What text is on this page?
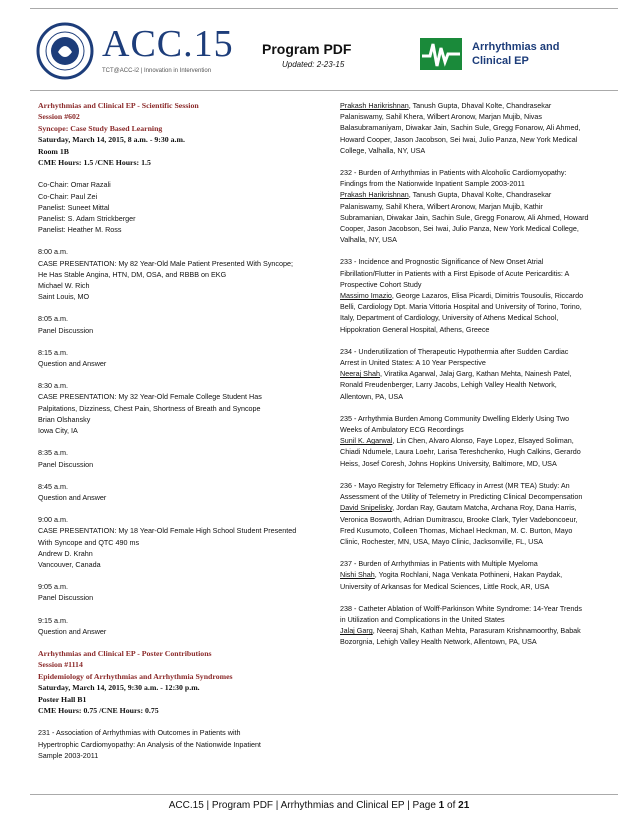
ACC.15
TCT@ACC-i2 | Innovation in Intervention
Program PDF
Updated: 2-23-15
Arrhythmias and
Clinical EP
Arrhythmias and Clinical EP - Scientific Session
Session #602
Syncope: Case Study Based Learning
Saturday, March 14, 2015, 8 a.m. - 9:30 a.m.
Room 1B
CME Hours: 1.5 /CNE Hours: 1.5
Co-Chair: Omar Razali
Co-Chair: Paul Zei
Panelist: Suneet Mittal
Panelist: S. Adam Strickberger
Panelist: Heather M. Ross
8:00 a.m.
CASE PRESENTATION: My 82 Year-Old Male Patient Presented With Syncope;
He Has Stable Angina, HTN, DM, OSA, and RBBB on EKG
Michael W. Rich
Saint Louis, MO
8:05 a.m.
Panel Discussion
8:15 a.m.
Question and Answer
8:30 a.m.
CASE PRESENTATION: My 32 Year-Old Female College Student Has
Palpitations, Dizziness, Chest Pain, Shortness of Breath and Syncope
Brian Olshansky
Iowa City, IA
8:35 a.m.
Panel Discussion
8:45 a.m.
Question and Answer
9:00 a.m.
CASE PRESENTATION: My 18 Year-Old Female High School Student Presented
With Syncope and QTC 490 ms
Andrew D. Krahn
Vancouver, Canada
9:05 a.m.
Panel Discussion
9:15 a.m.
Question and Answer
Arrhythmias and Clinical EP - Poster Contributions
Session #1114
Epidemiology of Arrhythmias and Arrhythmia Syndromes
Saturday, March 14, 2015, 9:30 a.m. - 12:30 p.m.
Poster Hall B1
CME Hours: 0.75 /CNE Hours: 0.75
231 - Association of Arrhythmias with Outcomes in Patients with
Hypertrophic Cardiomyopathy: An Analysis of the Nationwide Inpatient
Sample 2003-2011
Prakash Harikrishnan, Tanush Gupta, Dhaval Kolte, Chandrasekar
Palaniswamy, Sahil Khera, Wilbert Aronow, Marjan Mujib, Nivas
Balasubramaniyam, Diwakar Jain, Sachin Sule, Gregg Fonarow, Ali Ahmed,
Howard Cooper, Jason Jacobson, Sei Iwai, Julio Panza, New York Medical
College, Valhalla, NY, USA
232 - Burden of Arrhythmias in Patients with Alcoholic Cardiomyopathy:
Findings from the Nationwide Inpatient Sample 2003-2011
Prakash Harikrishnan, Tanush Gupta, Dhaval Kolte, Chandrasekar
Palaniswamy, Sahil Khera, Wilbert Aronow, Marjan Mujib, Kathir
Subramanian, Diwakar Jain, Sachin Sule, Gregg Fonarow, Ali Ahmed, Howard
Cooper, Jason Jacobson, Sei Iwai, Julio Panza, New York Medical College,
Valhalla, NY, USA
233 - Incidence and Prognostic Significance of New Onset Atrial
Fibrillation/Flutter in Patients with a First Episode of Acute Pericarditis: A
Prospective Cohort Study
Massimo Imazio, George Lazaros, Elisa Picardi, Dimitris Tousoulis, Riccardo
Belli, Cardiology Dpt. Maria Vittoria Hospital and University of Torino, Torino,
Italy, Department of Cardiology, University of Athens Medical School,
Hippokration General Hospital, Athens, Greece
234 - Underutilization of Therapeutic Hypothermia after Sudden Cardiac
Arrest in United States: A 10 Year Perspective
Neeraj Shah, Viratika Agarwal, Jalaj Garg, Kathan Mehta, Nainesh Patel,
Ronald Freudenberger, Larry Jacobs, Lehigh Valley Health Network,
Allentown, PA, USA
235 - Arrhythmia Burden Among Community Dwelling Elderly Using Two
Weeks of Ambulatory ECG Recordings
Sunil K. Agarwal, Lin Chen, Alvaro Alonso, Faye Lopez, Elsayed Soliman,
Chiadi Ndumele, Laura Loehr, Larisa Tereshchenko, Hugh Calkins, Gerardo
Heiss, Josef Coresh, Johns Hopkins University, Baltimore, MD, USA
236 - Mayo Registry for Telemetry Efficacy in Arrest (MR TEA) Study: An
Assessment of the Utility of Telemetry in Predicting Clinical Decompensation
David Snipelisky, Jordan Ray, Gautam Matcha, Archana Roy, Dana Harris,
Veronica Bosworth, Adrian Dumitrascu, Brooke Clark, Tyler Vadeboncoeur,
Fred Kusumoto, Colleen Thomas, Michael Heckman, M. C. Burton, Mayo
Clinic, Rochester, MN, USA, Mayo Clinic, Jacksonville, FL, USA
237 - Burden of Arrhythmias in Patients with Multiple Myeloma
Nishi Shah, Yogita Rochlani, Naga Venkata Pothineni, Hakan Paydak,
University of Arkansas for Medical Sciences, Little Rock, AR, USA
238 - Catheter Ablation of Wolff-Parkinson White Syndrome: 14-Year Trends
in Utilization and Complications in the United States
Jalaj Garg, Neeraj Shah, Kathan Mehta, Parasuram Krishnamoorthy, Babak
Bozorgnia, Lehigh Valley Health Network, Allentown, PA, USA
ACC.15 | Program PDF | Arrhythmias and Clinical EP | Page 1 of 21
